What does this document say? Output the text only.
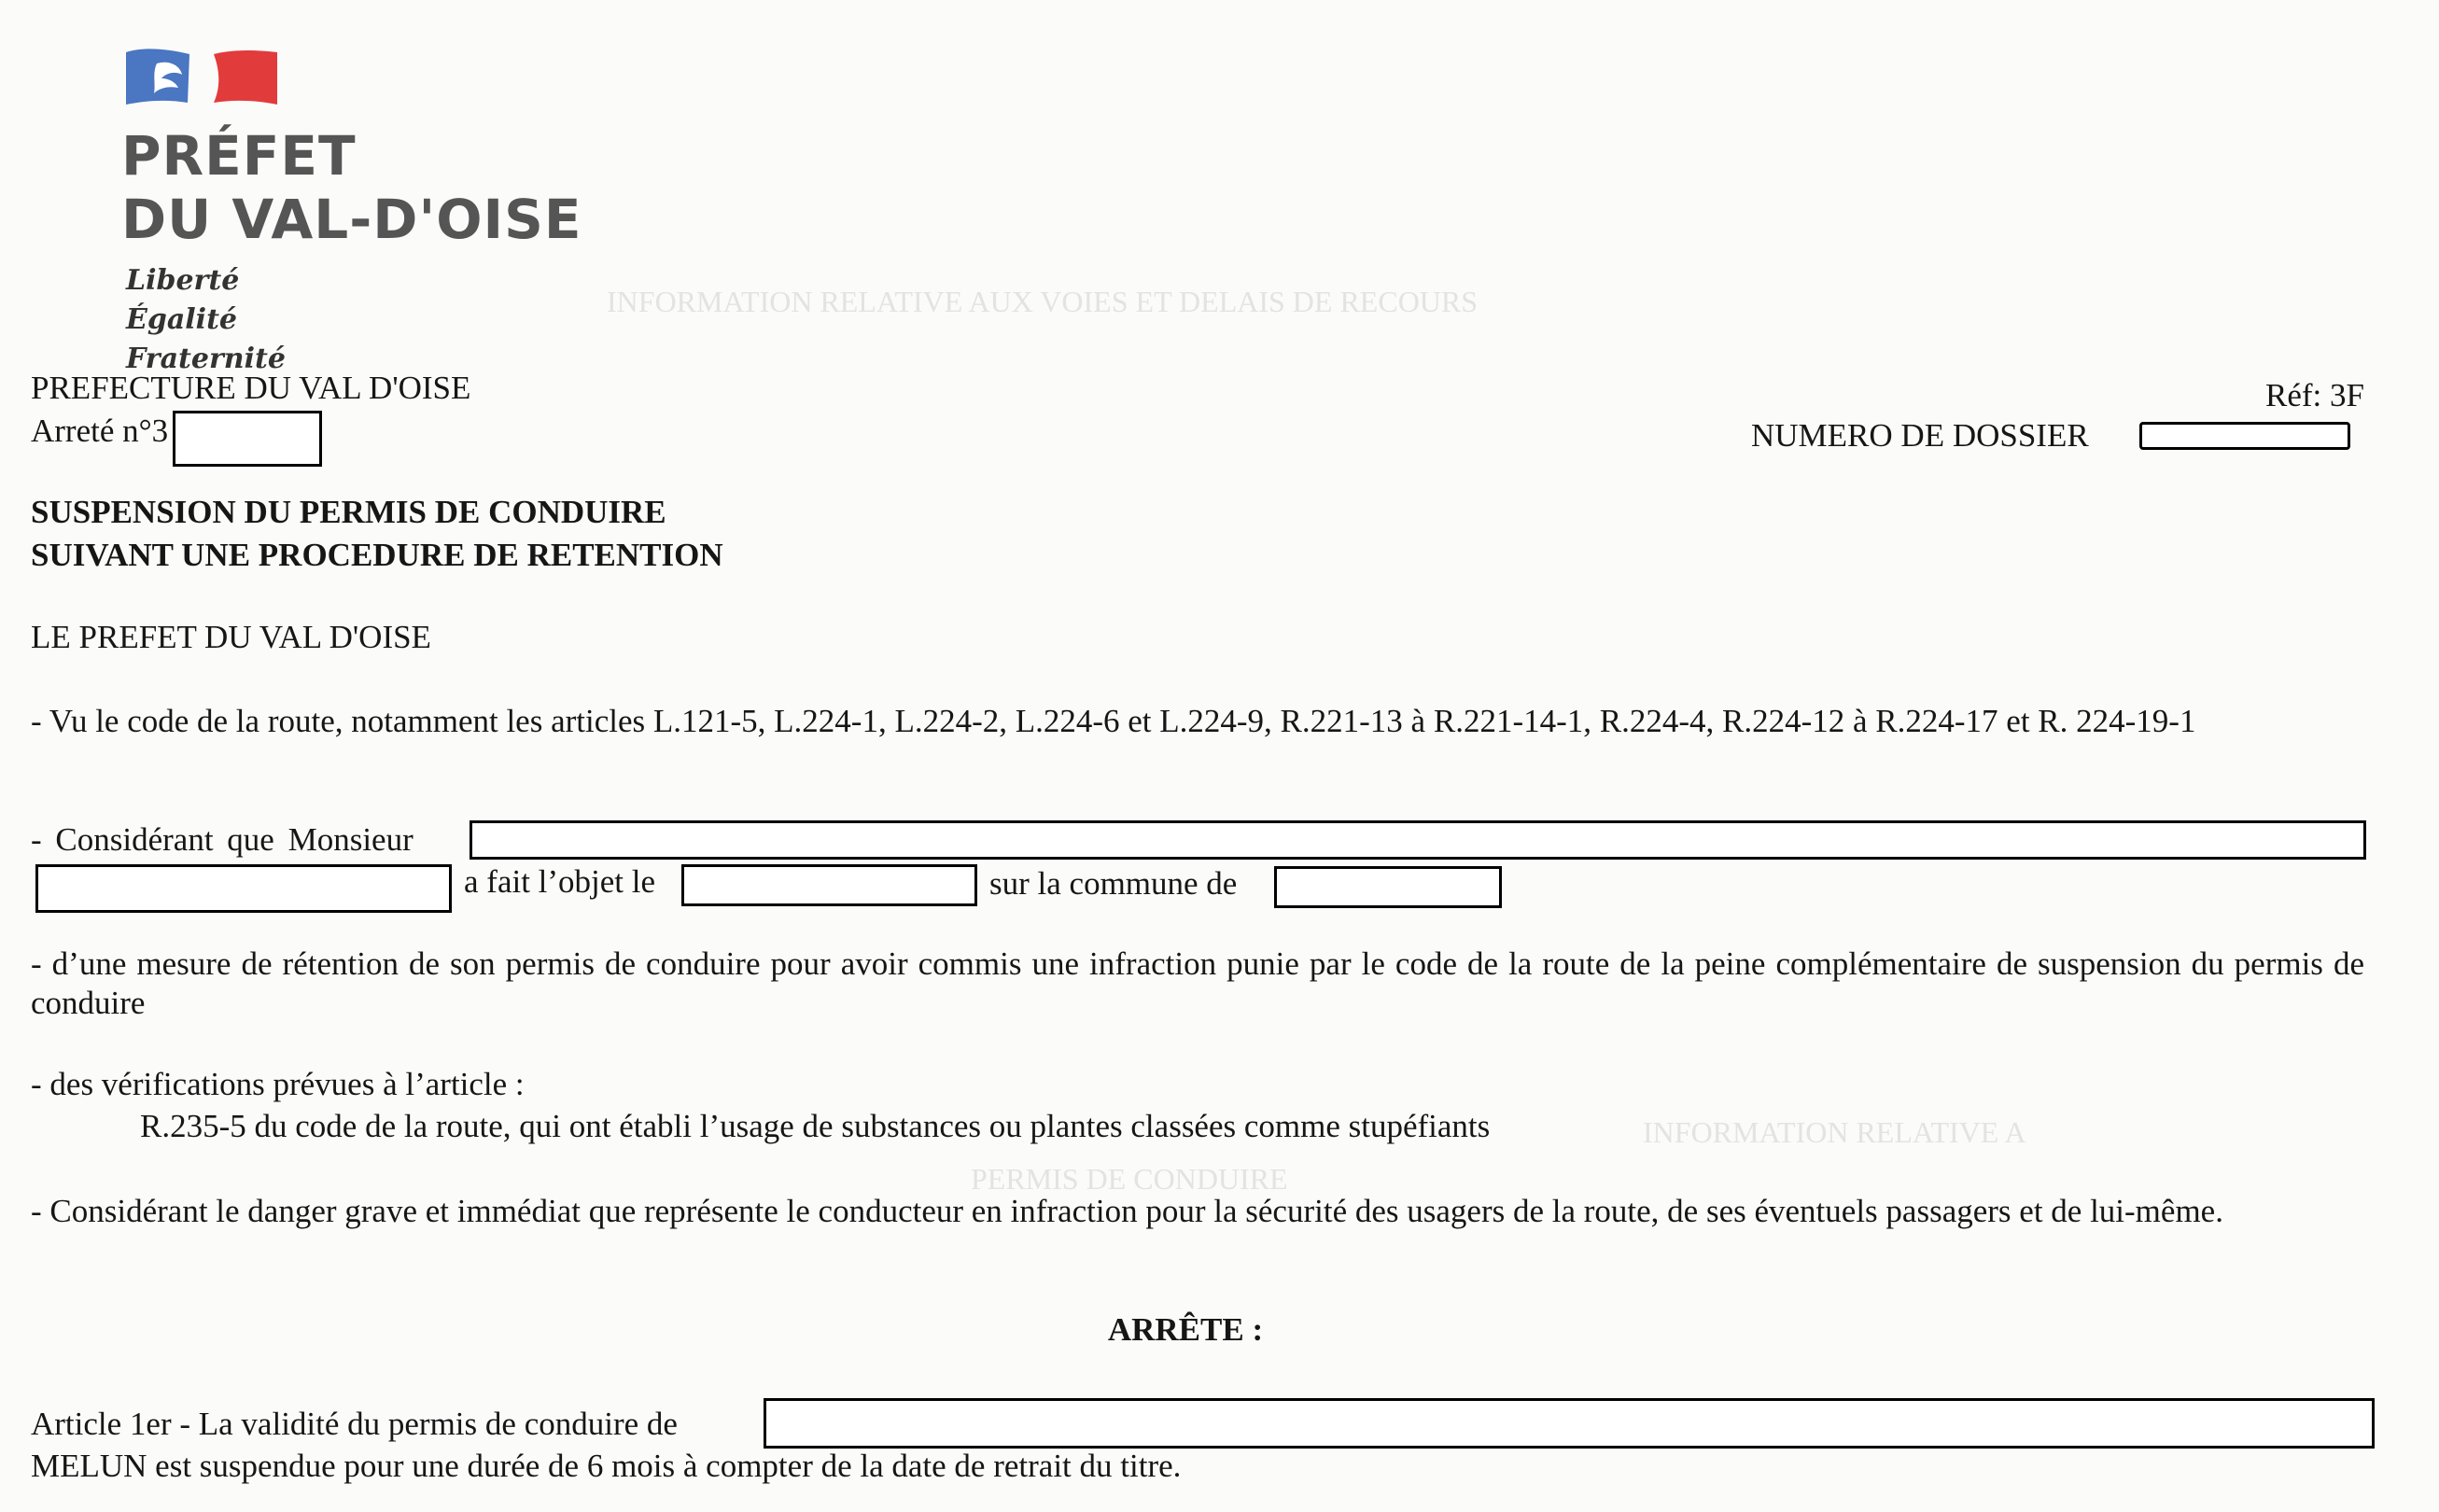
INFORMATION RELATIVE AUX VOIES ET DELAIS DE RECOURS
INFORMATION RELATIVE A
PERMIS DE CONDUIRE
PRÉFET
DU VAL-D'OISE
Liberté
Égalité
Fraternité
PREFECTURE DU VAL D'OISE
Arreté n°3
Réf: 3F
NUMERO DE DOSSIER
SUSPENSION DU PERMIS DE CONDUIRE
SUIVANT UNE PROCEDURE DE RETENTION
LE PREFET DU VAL D'OISE
- Vu le code de la route, notamment les articles L.121-5, L.224-1, L.224-2, L.224-6 et L.224-9, R.221-13 à R.221-14-1, R.224-4, R.224-12 à R.224-17 et R. 224-19-1
- Considérant que Monsieur
a fait l’objet le	sur la commune de
- d’une mesure de rétention de son permis de conduire pour avoir commis une infraction punie par le code de la route de la peine complémentaire de suspension du permis de conduire
- des vérifications prévues à l’article :
R.235-5 du code de la route, qui ont établi l’usage de substances ou plantes classées comme stupéfiants
- Considérant le danger grave et immédiat que représente le conducteur en infraction pour la sécurité des usagers de la route, de ses éventuels passagers et de lui-même.
ARRÊTE :
Article 1er - La validité du permis de conduire de
MELUN est suspendue pour une durée de 6 mois à compter de la date de retrait du titre.
